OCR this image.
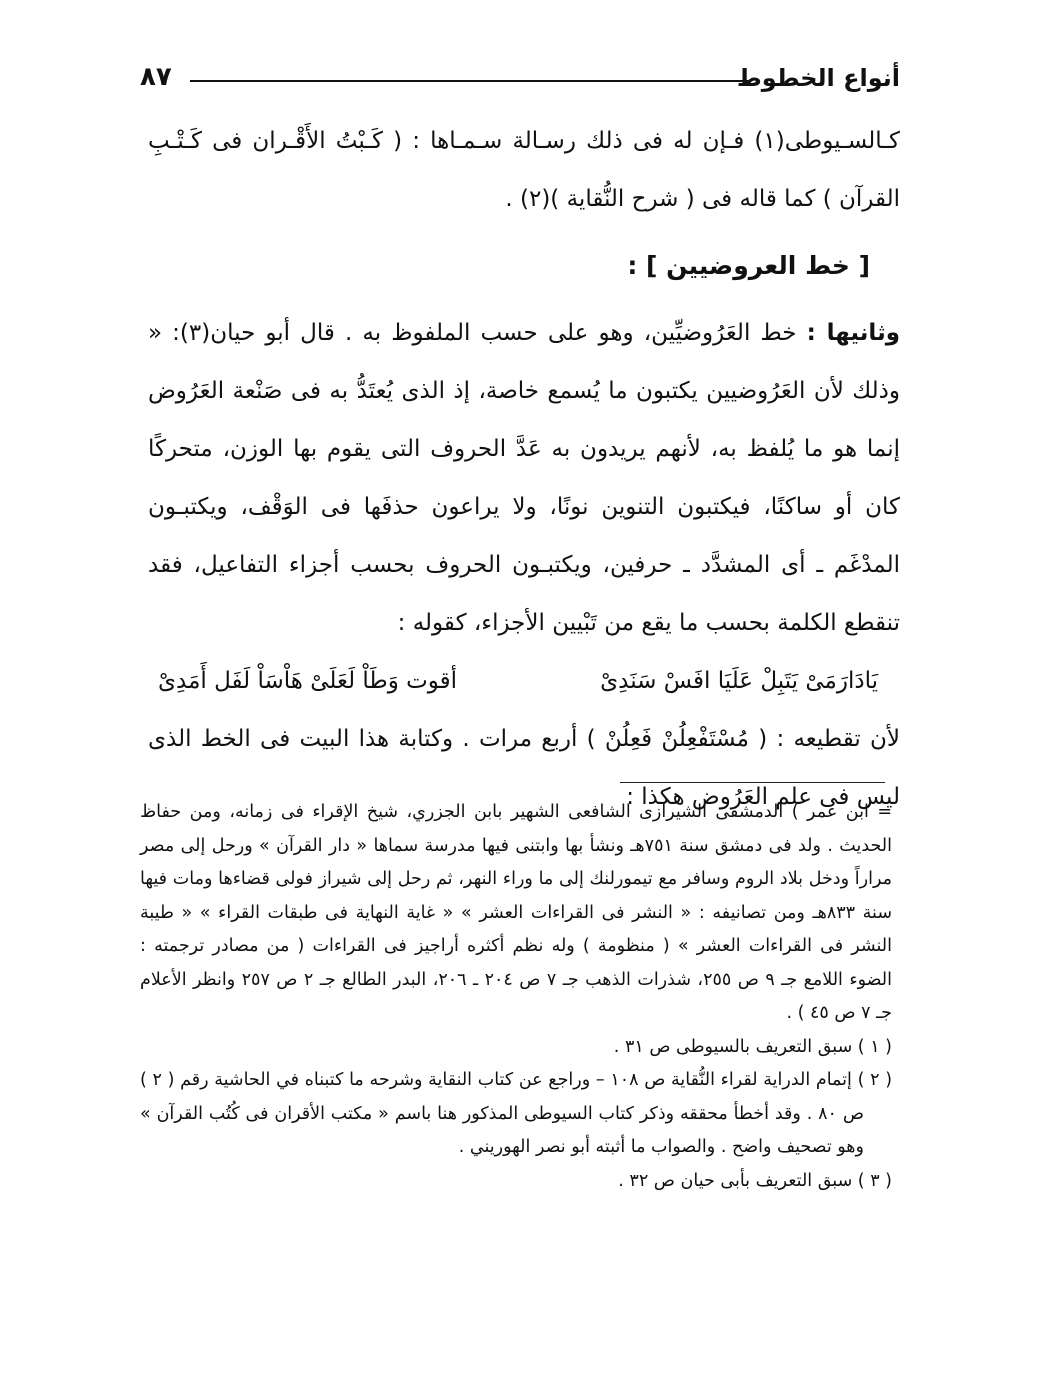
أنواع الخطوط
٨٧

كـالسـيوطى(١) فـإن له فى ذلك رسـالة سـمـاها : ( كَـبْتُ الأَقْـران فى كَـتْـبِ القرآن ) كما قاله فى ( شرح النُّقاية )(٢) .

[ خط العروضيين ] :

وثانيها : خط العَرُوضيِّين، وهو على حسب الملفوظ به . قال أبو حيان(٣): « وذلك لأن العَرُوضيين يكتبون ما يُسمع خاصة، إذ الذى يُعتَدُّ به فى صَنْعة العَرُوض إنما هو ما يُلفظ به، لأنهم يريدون به عَدَّ الحروف التى يقوم بها الوزن، متحركًا كان أو ساكنًا، فيكتبون التنوين نونًا، ولا يراعون حذفَها فى الوَقْف، ويكتبـون المدْغَم ـ أى المشدَّد ـ حرفين، ويكتبـون الحروف بحسب أجزاء التفاعيل، فقد تنقطع الكلمة بحسب ما يقع من تَبْيين الأجزاء، كقوله :

يَادَارَمَىْ يَتَبِلْ عَلَيَا افَسْ سَنَدِىْ
أقوت وَطَاْ لَعَلَىْ هَاْسَاْ لَفَل أَمَدِىْ

لأن تقطيعه : ( مُسْتَفْعِلُنْ فَعِلُنْ ) أربع مرات . وكتابة هذا البيت فى الخط الذى ليس فى علم العَرُوض هكذا :

= ابن عمر ) الدمشقى الشيرازى الشافعى الشهير بابن الجزري، شيخ الإقراء فى زمانه، ومن حفاظ الحديث . ولد فى دمشق سنة ٧٥١هـ ونشأ بها وابتنى فيها مدرسة سماها « دار القرآن » ورحل إلى مصر مراراً ودخل بلاد الروم وسافر مع تيمورلنك إلى ما وراء النهر، ثم رحل إلى شيراز فولى قضاءها ومات فيها سنة ٨٣٣هـ ومن تصانيفه : « النشر فى القراءات العشر » « غاية النهاية فى طبقات القراء » « طيبة النشر فى القراءات العشر » ( منظومة ) وله نظم أكثره أراجيز فى القراءات ( من مصادر ترجمته : الضوء اللامع جـ ٩ ص ٢٥٥، شذرات الذهب جـ ٧ ص ٢٠٤ ـ ٢٠٦، البدر الطالع جـ ٢ ص ٢٥٧ وانظر الأعلام جـ ٧ ص ٤٥ ) .

( ١ ) سبق التعريف بالسيوطى ص ٣١ .

( ٢ ) إتمام الدراية لقراء النُّقاية ص ١٠٨ – وراجع عن كتاب النقاية وشرحه ما كتبناه في الحاشية رقم ( ٢ ) ص ٨٠ . وقد أخطأ محققه وذكر كتاب السيوطى المذكور هنا باسم « مكتب الأقران فى كُتُب القرآن » وهو تصحيف واضح . والصواب ما أثبته أبو نصر الهوريني .

( ٣ ) سبق التعريف بأبى حيان ص ٣٢ .
